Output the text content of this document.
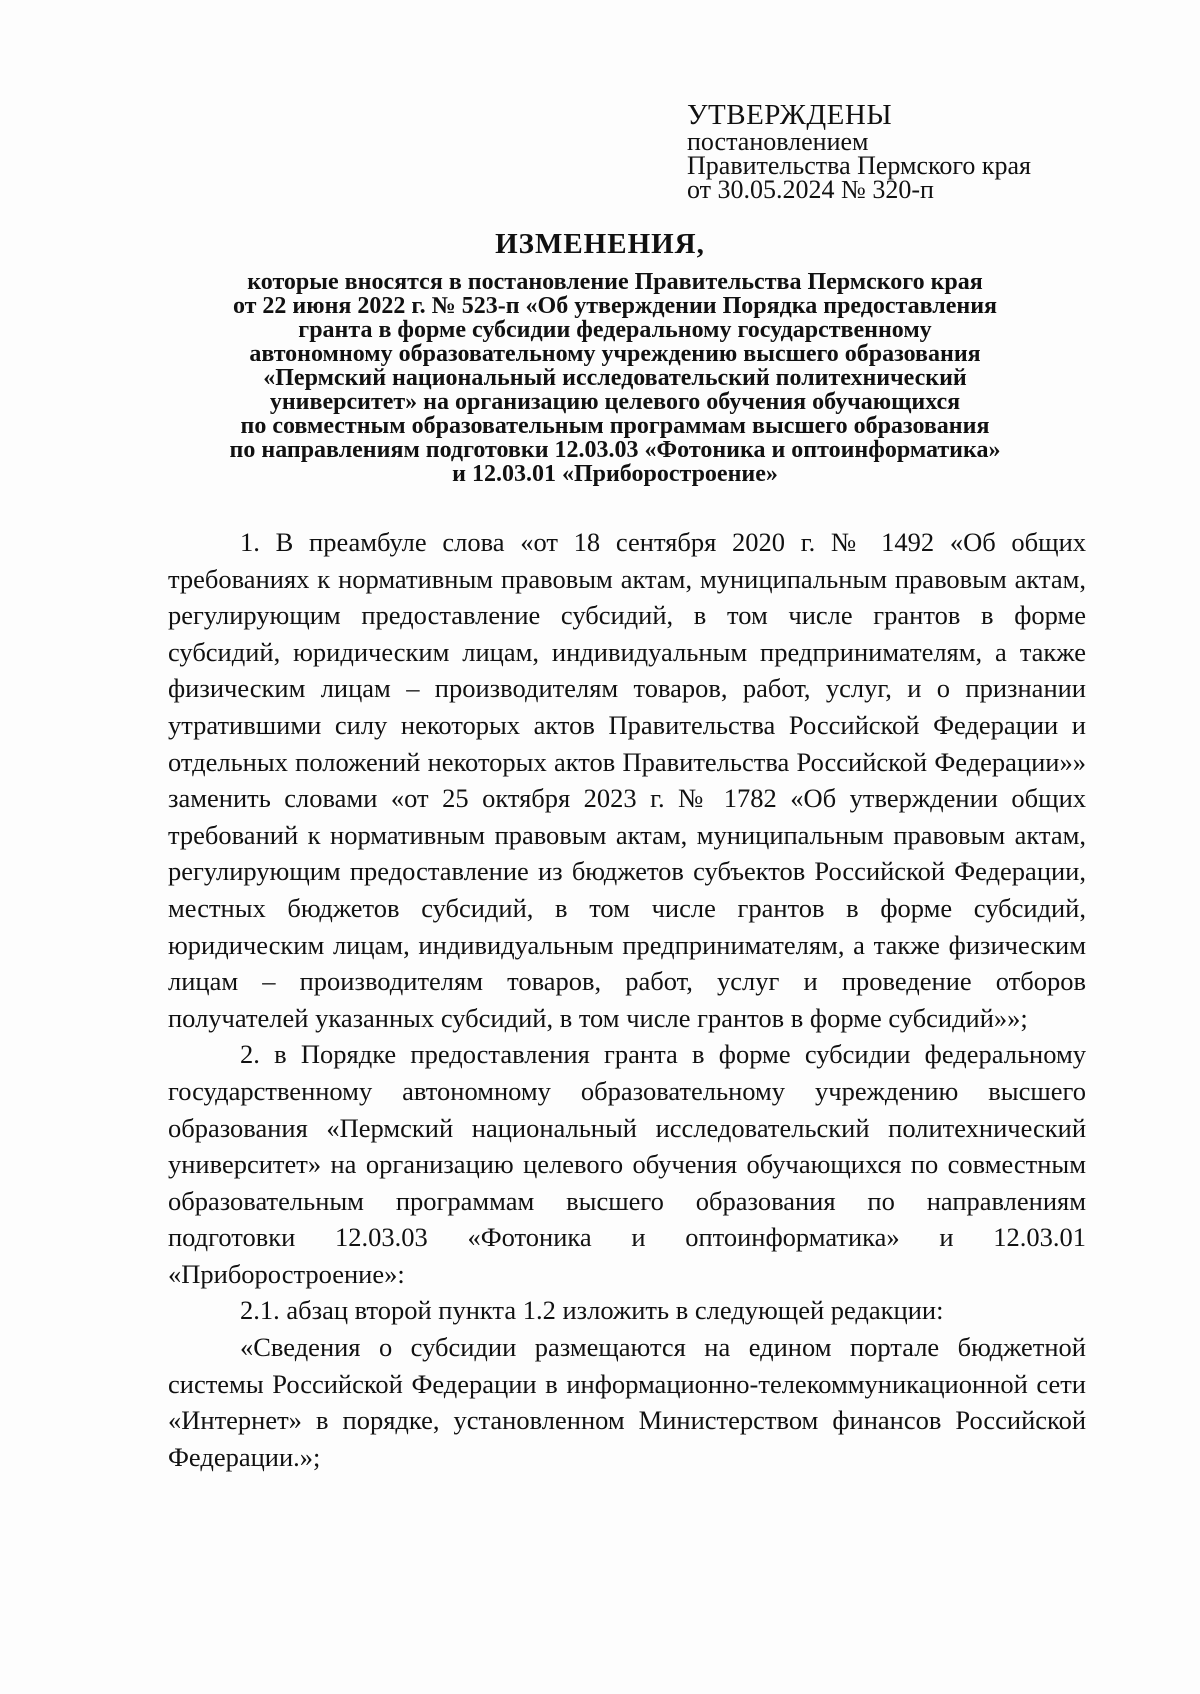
УТВЕРЖДЕНЫ
постановлением
Правительства Пермского края
от 30.05.2024 № 320-п
ИЗМЕНЕНИЯ,
которые вносятся в постановление Правительства Пермского края
от 22 июня 2022 г. № 523-п «Об утверждении Порядка предоставления
гранта в форме субсидии федеральному государственному
автономному образовательному учреждению высшего образования
«Пермский национальный исследовательский политехнический
университет» на организацию целевого обучения обучающихся
по совместным образовательным программам высшего образования
по направлениям подготовки 12.03.03 «Фотоника и оптоинформатика»
и 12.03.01 «Приборостроение»

1. В преамбуле слова «от 18 сентября 2020 г. № 1492 «Об общих требованиях к нормативным правовым актам, муниципальным правовым актам, регулирующим предоставление субсидий, в том числе грантов в форме субсидий, юридическим лицам, индивидуальным предпринимателям, а также физическим лицам – производителям товаров, работ, услуг, и о признании утратившими силу некоторых актов Правительства Российской Федерации и отдельных положений некоторых актов Правительства Российской Федерации»» заменить словами «от 25 октября 2023 г. № 1782 «Об утверждении общих требований к нормативным правовым актам, муниципальным правовым актам, регулирующим предоставление из бюджетов субъектов Российской Федерации, местных бюджетов субсидий, в том числе грантов в форме субсидий, юридическим лицам, индивидуальным предпринимателям, а также физическим лицам – производителям товаров, работ, услуг и проведение отборов получателей указанных субсидий, в том числе грантов в форме субсидий»»;

2. в Порядке предоставления гранта в форме субсидии федеральному государственному автономному образовательному учреждению высшего образования «Пермский национальный исследовательский политехнический университет» на организацию целевого обучения обучающихся по совместным образовательным программам высшего образования по направлениям подготовки 12.03.03 «Фотоника и оптоинформатика» и 12.03.01 «Приборостроение»:

2.1. абзац второй пункта 1.2 изложить в следующей редакции:

«Сведения о субсидии размещаются на едином портале бюджетной системы Российской Федерации в информационно-телекоммуникационной сети «Интернет» в порядке, установленном Министерством финансов Российской Федерации.»;
